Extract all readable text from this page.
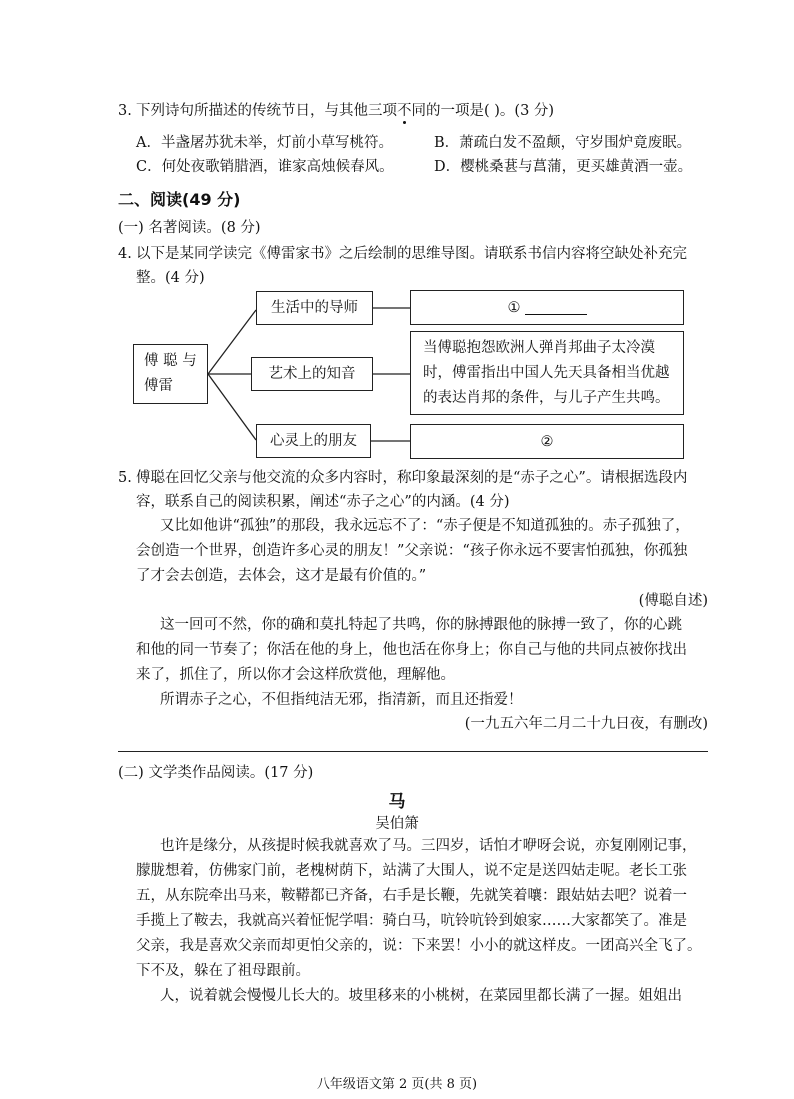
3. 下列诗句所描述的传统节日，与其他三项不同的一项是( )。(3 分)
A．半盏屠苏犹未举，灯前小草写桃符。	B．萧疏白发不盈颠，守岁围炉竟废眠。
C．何处夜歌销腊酒，谁家高烛候春风。	D．樱桃桑葚与菖蒲，更买雄黄酒一壶。
二、阅读(49 分)
(一) 名著阅读。(8 分)
4. 以下是某同学读完《傅雷家书》之后绘制的思维导图。请联系书信内容将空缺处补充完
整。(4 分)
傅 聪 与
傅雷
生活中的导师
艺术上的知音
心灵上的朋友
①
当傅聪抱怨欧洲人弹肖邦曲子太冷漠
时，傅雷指出中国人先天具备相当优越
的表达肖邦的条件，与儿子产生共鸣。
②
5. 傅聪在回忆父亲与他交流的众多内容时，称印象最深刻的是“赤子之心”。请根据选段内
容，联系自己的阅读积累，阐述“赤子之心”的内涵。(4 分)
又比如他讲“孤独”的那段，我永远忘不了：“赤子便是不知道孤独的。赤子孤独了，
会创造一个世界，创造许多心灵的朋友！”父亲说：“孩子你永远不要害怕孤独，你孤独
了才会去创造，去体会，这才是最有价值的。”
(傅聪自述)
这一回可不然，你的确和莫扎特起了共鸣，你的脉搏跟他的脉搏一致了，你的心跳
和他的同一节奏了；你活在他的身上，他也活在你身上；你自己与他的共同点被你找出
来了，抓住了，所以你才会这样欣赏他，理解他。
所谓赤子之心，不但指纯洁无邪，指清新，而且还指爱！
(一九五六年二月二十九日夜，有删改)
(二) 文学类作品阅读。(17 分)
马
吴伯箫
也许是缘分，从孩提时候我就喜欢了马。三四岁，话怕才咿呀会说，亦复刚刚记事，
朦胧想着，仿佛家门前，老槐树荫下，站满了大围人，说不定是送四姑走呢。老长工张
五，从东院牵出马来，鞍鞯都已齐备，右手是长鞭，先就笑着嚷：跟姑姑去吧？说着一
手揽上了鞍去，我就高兴着怔怩学唱：骑白马，吭铃吭铃到娘家……大家都笑了。准是
父亲，我是喜欢父亲而却更怕父亲的，说：下来罢！小小的就这样皮。一团高兴全飞了。
下不及，躲在了祖母跟前。
人，说着就会慢慢儿长大的。坡里移来的小桃树，在菜园里都长满了一握。姐姐出
八年级语文第 2 页(共 8 页)
